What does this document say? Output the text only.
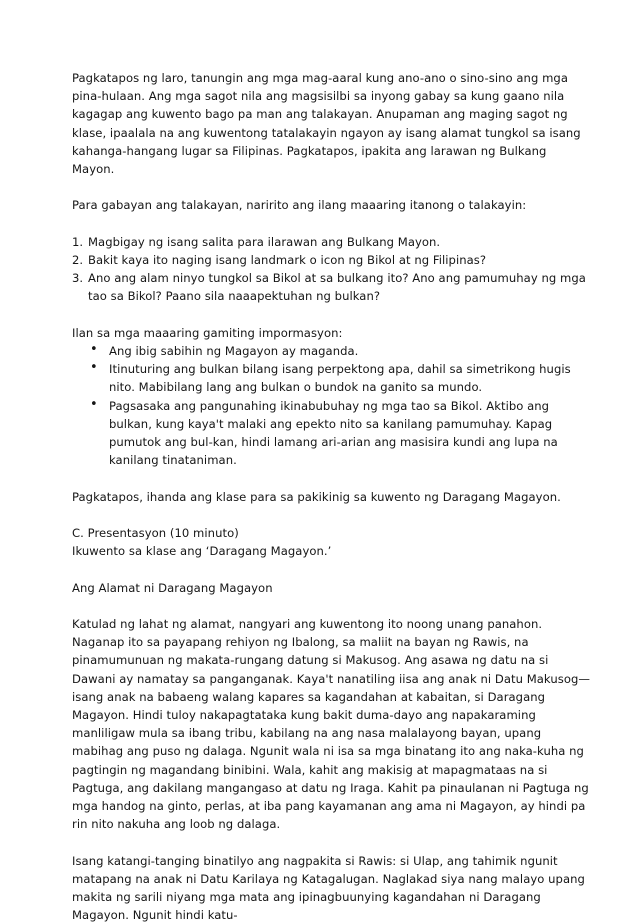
Pagkatapos ng laro, tanungin ang mga mag-aaral kung ano-ano o sino-sino ang mga pina-hulaan. Ang mga sagot nila ang magsisilbi sa inyong gabay sa kung gaano nila kagagap ang kuwento bago pa man ang talakayan. Anupaman ang maging sagot ng klase, ipaalala na ang kuwentong tatalakayin ngayon ay isang alamat tungkol sa isang kahanga-hangang lugar sa Filipinas. Pagkatapos, ipakita ang larawan ng Bulkang Mayon.

Para gabayan ang talakayan, naririto ang ilang maaaring itanong o talakayin:

1. Magbigay ng isang salita para ilarawan ang Bulkang Mayon.
2. Bakit kaya ito naging isang landmark o icon ng Bikol at ng Filipinas?
3. Ano ang alam ninyo tungkol sa Bikol at sa bulkang ito? Ano ang pamumuhay ng mga tao sa Bikol? Paano sila naaapektuhan ng bulkan?

Ilan sa mga maaaring gamiting impormasyon:

• Ang ibig sabihin ng Magayon ay maganda.
• Itinuturing ang bulkan bilang isang perpektong apa, dahil sa simetrikong hugis nito. Mabibilang lang ang bulkan o bundok na ganito sa mundo.
• Pagsasaka ang pangunahing ikinabubuhay ng mga tao sa Bikol. Aktibo ang bulkan, kung kaya't malaki ang epekto nito sa kanilang pamumuhay. Kapag pumutok ang bul-kan, hindi lamang ari-arian ang masisira kundi ang lupa na kanilang tinataniman.

Pagkatapos, ihanda ang klase para sa pakikinig sa kuwento ng Daragang Magayon.

C. Presentasyon (10 minuto)

Ikuwento sa klase ang ‘Daragang Magayon.’

Ang Alamat ni Daragang Magayon

Katulad ng lahat ng alamat, nangyari ang kuwentong ito noong unang panahon. Naganap ito sa payapang rehiyon ng Ibalong, sa maliit na bayan ng Rawis, na pinamumunuan ng makata-rungang datung si Makusog. Ang asawa ng datu na si Dawani ay namatay sa panganganak. Kaya't nanatiling iisa ang anak ni Datu Makusog—isang anak na babaeng walang kapares sa kagandahan at kabaitan, si Daragang Magayon. Hindi tuloy nakapagtataka kung bakit duma-dayo ang napakaraming manliligaw mula sa ibang tribu, kabilang na ang nasa malalayong bayan, upang mabihag ang puso ng dalaga. Ngunit wala ni isa sa mga binatang ito ang naka-kuha ng pagtingin ng magandang binibini. Wala, kahit ang makisig at mapagmataas na si Pagtuga, ang dakilang mangangaso at datu ng Iraga. Kahit pa pinaulanan ni Pagtuga ng mga handog na ginto, perlas, at iba pang kayamanan ang ama ni Magayon, ay hindi pa rin nito nakuha ang loob ng dalaga.

Isang katangi-tanging binatilyo ang nagpakita si Rawis: si Ulap, ang tahimik ngunit matapang na anak ni Datu Karilaya ng Katagalugan. Naglakad siya nang malayo upang makita ng sarili niyang mga mata ang ipinagbuunying kagandahan ni Daragang Magayon. Ngunit hindi katu-
